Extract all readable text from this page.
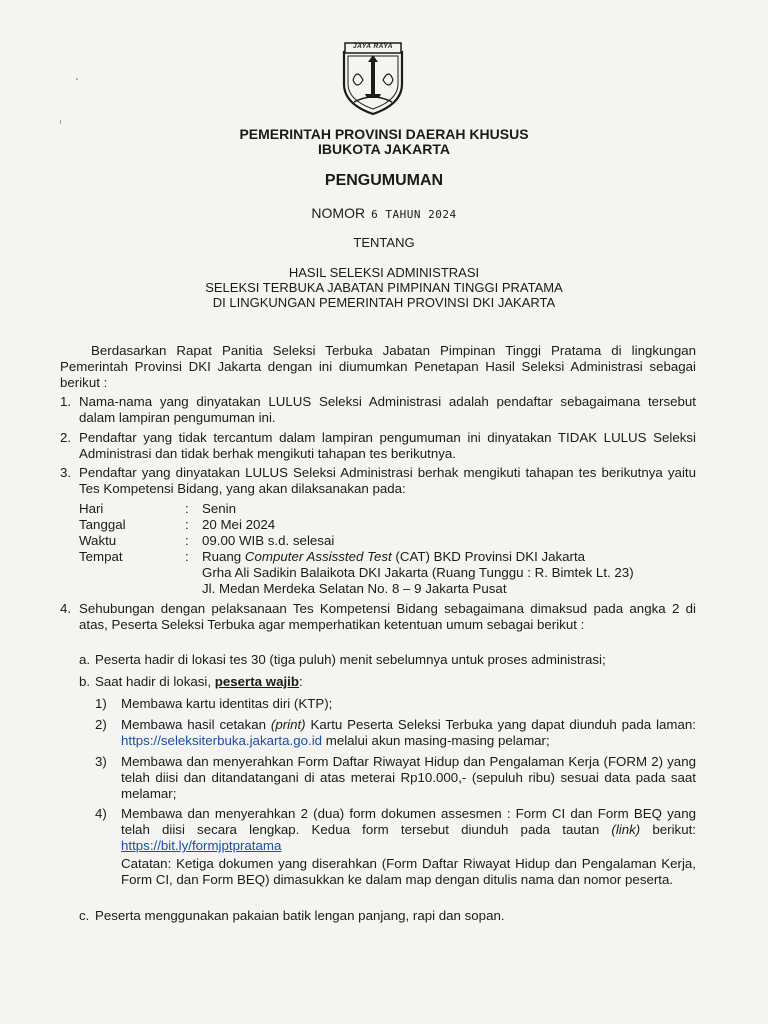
JAYA RAYA
PEMERINTAH PROVINSI DAERAH KHUSUS
IBUKOTA JAKARTA
PENGUMUMAN
NOMOR 6 TAHUN 2024
TENTANG
HASIL SELEKSI ADMINISTRASI
SELEKSI TERBUKA JABATAN PIMPINAN TINGGI PRATAMA
DI LINGKUNGAN PEMERINTAH PROVINSI DKI JAKARTA
Berdasarkan Rapat Panitia Seleksi Terbuka Jabatan Pimpinan Tinggi Pratama di lingkungan Pemerintah Provinsi DKI Jakarta dengan ini diumumkan Penetapan Hasil Seleksi Administrasi sebagai berikut :
1. Nama-nama yang dinyatakan LULUS Seleksi Administrasi adalah pendaftar sebagaimana tersebut dalam lampiran pengumuman ini.
2. Pendaftar yang tidak tercantum dalam lampiran pengumuman ini dinyatakan TIDAK LULUS Seleksi Administrasi dan tidak berhak mengikuti tahapan tes berikutnya.
3. Pendaftar yang dinyatakan LULUS Seleksi Administrasi berhak mengikuti tahapan tes berikutnya yaitu Tes Kompetensi Bidang, yang akan dilaksanakan pada:
Hari	: Senin
Tanggal	: 20 Mei 2024
Waktu	: 09.00 WIB s.d. selesai
Tempat	: Ruang Computer Assissted Test (CAT) BKD Provinsi DKI Jakarta
Grha Ali Sadikin Balaikota DKI Jakarta (Ruang Tunggu : R. Bimtek Lt. 23)
Jl. Medan Merdeka Selatan No. 8 – 9 Jakarta Pusat
4. Sehubungan dengan pelaksanaan Tes Kompetensi Bidang sebagaimana dimaksud pada angka 2 di atas, Peserta Seleksi Terbuka agar memperhatikan ketentuan umum sebagai berikut :
a. Peserta hadir di lokasi tes 30 (tiga puluh) menit sebelumnya untuk proses administrasi;
b. Saat hadir di lokasi, peserta wajib:
1) Membawa kartu identitas diri (KTP);
2) Membawa hasil cetakan (print) Kartu Peserta Seleksi Terbuka yang dapat diunduh pada laman: https://seleksiterbuka.jakarta.go.id melalui akun masing-masing pelamar;
3) Membawa dan menyerahkan Form Daftar Riwayat Hidup dan Pengalaman Kerja (FORM 2) yang telah diisi dan ditandatangani di atas meterai Rp10.000,- (sepuluh ribu) sesuai data pada saat melamar;
4) Membawa dan menyerahkan 2 (dua) form dokumen assesmen : Form CI dan Form BEQ yang telah diisi secara lengkap. Kedua form tersebut diunduh pada tautan (link) berikut: https://bit.ly/formjptpratama
Catatan: Ketiga dokumen yang diserahkan (Form Daftar Riwayat Hidup dan Pengalaman Kerja, Form CI, dan Form BEQ) dimasukkan ke dalam map dengan ditulis nama dan nomor peserta.
c. Peserta menggunakan pakaian batik lengan panjang, rapi dan sopan.
